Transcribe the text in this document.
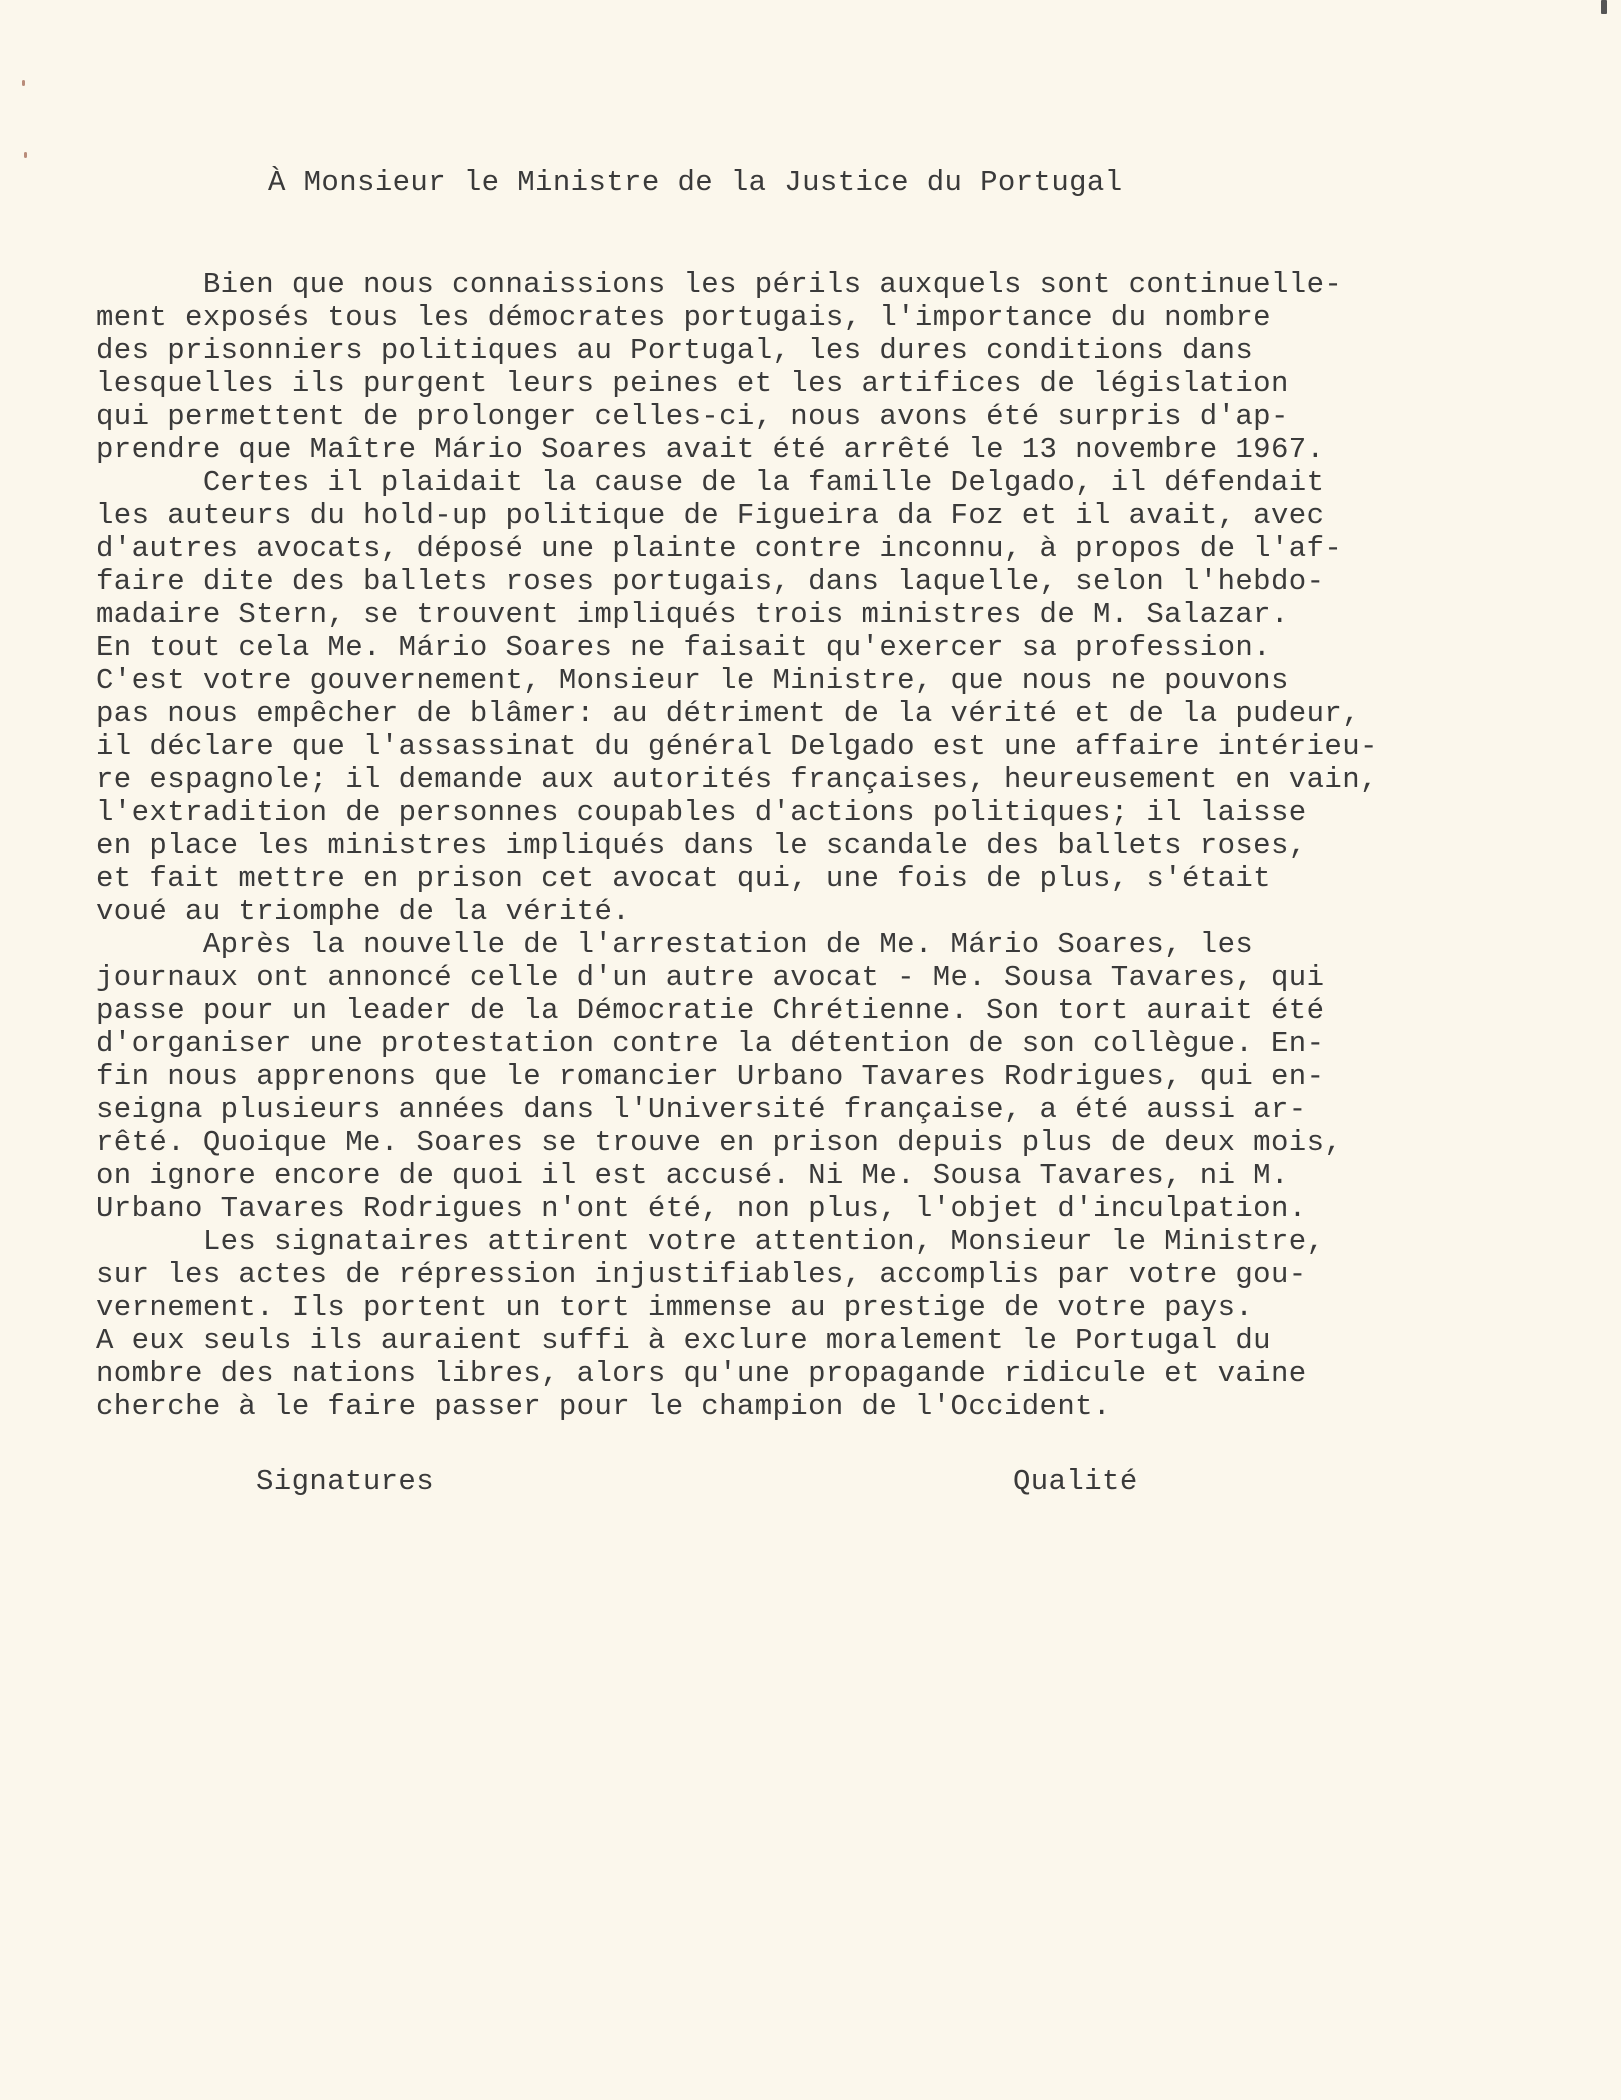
À Monsieur le Ministre de la Justice du Portugal
Bien que nous connaissions les périls auxquels sont continuelle-
ment exposés tous les démocrates portugais, l'importance du nombre
des prisonniers politiques au Portugal, les dures conditions dans
lesquelles ils purgent leurs peines et les artifices de législation
qui permettent de prolonger celles-ci, nous avons été surpris d'ap-
prendre que Maître Mário Soares avait été arrêté le 13 novembre 1967.
Certes il plaidait la cause de la famille Delgado, il défendait
les auteurs du hold-up politique de Figueira da Foz et il avait, avec
d'autres avocats, déposé une plainte contre inconnu, à propos de l'af-
faire dite des ballets roses portugais, dans laquelle, selon l'hebdo-
madaire Stern, se trouvent impliqués trois ministres de M. Salazar.
En tout cela Me. Mário Soares ne faisait qu'exercer sa profession.
C'est votre gouvernement, Monsieur le Ministre, que nous ne pouvons
pas nous empêcher de blâmer: au détriment de la vérité et de la pudeur,
il déclare que l'assassinat du général Delgado est une affaire intérieu-
re espagnole; il demande aux autorités françaises, heureusement en vain,
l'extradition de personnes coupables d'actions politiques; il laisse
en place les ministres impliqués dans le scandale des ballets roses,
et fait mettre en prison cet avocat qui, une fois de plus, s'était
voué au triomphe de la vérité.
Après la nouvelle de l'arrestation de Me. Mário Soares, les
journaux ont annoncé celle d'un autre avocat - Me. Sousa Tavares, qui
passe pour un leader de la Démocratie Chrétienne. Son tort aurait été
d'organiser une protestation contre la détention de son collègue. En-
fin nous apprenons que le romancier Urbano Tavares Rodrigues, qui en-
seigna plusieurs années dans l'Université française, a été aussi ar-
rêté. Quoique Me. Soares se trouve en prison depuis plus de deux mois,
on ignore encore de quoi il est accusé. Ni Me. Sousa Tavares, ni M.
Urbano Tavares Rodrigues n'ont été, non plus, l'objet d'inculpation.
Les signataires attirent votre attention, Monsieur le Ministre,
sur les actes de répression injustifiables, accomplis par votre gou-
vernement. Ils portent un tort immense au prestige de votre pays.
A eux seuls ils auraient suffi à exclure moralement le Portugal du
nombre des nations libres, alors qu'une propagande ridicule et vaine
cherche à le faire passer pour le champion de l'Occident.
Signatures	Qualité
